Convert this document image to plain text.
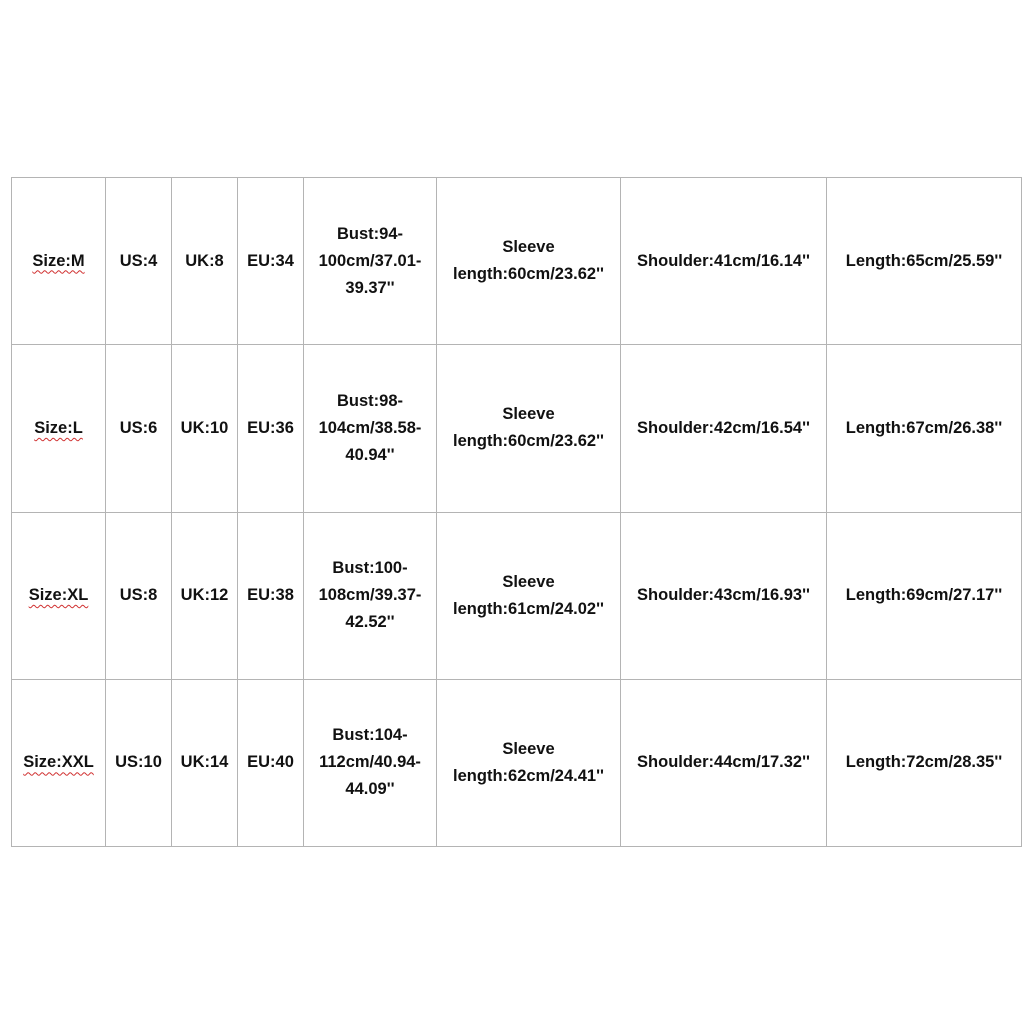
Size:M	US:4	UK:8	EU:34	Bust:94-
100cm/37.01-
39.37''	Sleeve
length:60cm/23.62''	Shoulder:41cm/16.14''	Length:65cm/25.59''
Size:L	US:6	UK:10	EU:36	Bust:98-
104cm/38.58-
40.94''	Sleeve
length:60cm/23.62''	Shoulder:42cm/16.54''	Length:67cm/26.38''
Size:XL	US:8	UK:12	EU:38	Bust:100-
108cm/39.37-
42.52''	Sleeve
length:61cm/24.02''	Shoulder:43cm/16.93''	Length:69cm/27.17''
Size:XXL	US:10	UK:14	EU:40	Bust:104-
112cm/40.94-
44.09''	Sleeve
length:62cm/24.41''	Shoulder:44cm/17.32''	Length:72cm/28.35''
